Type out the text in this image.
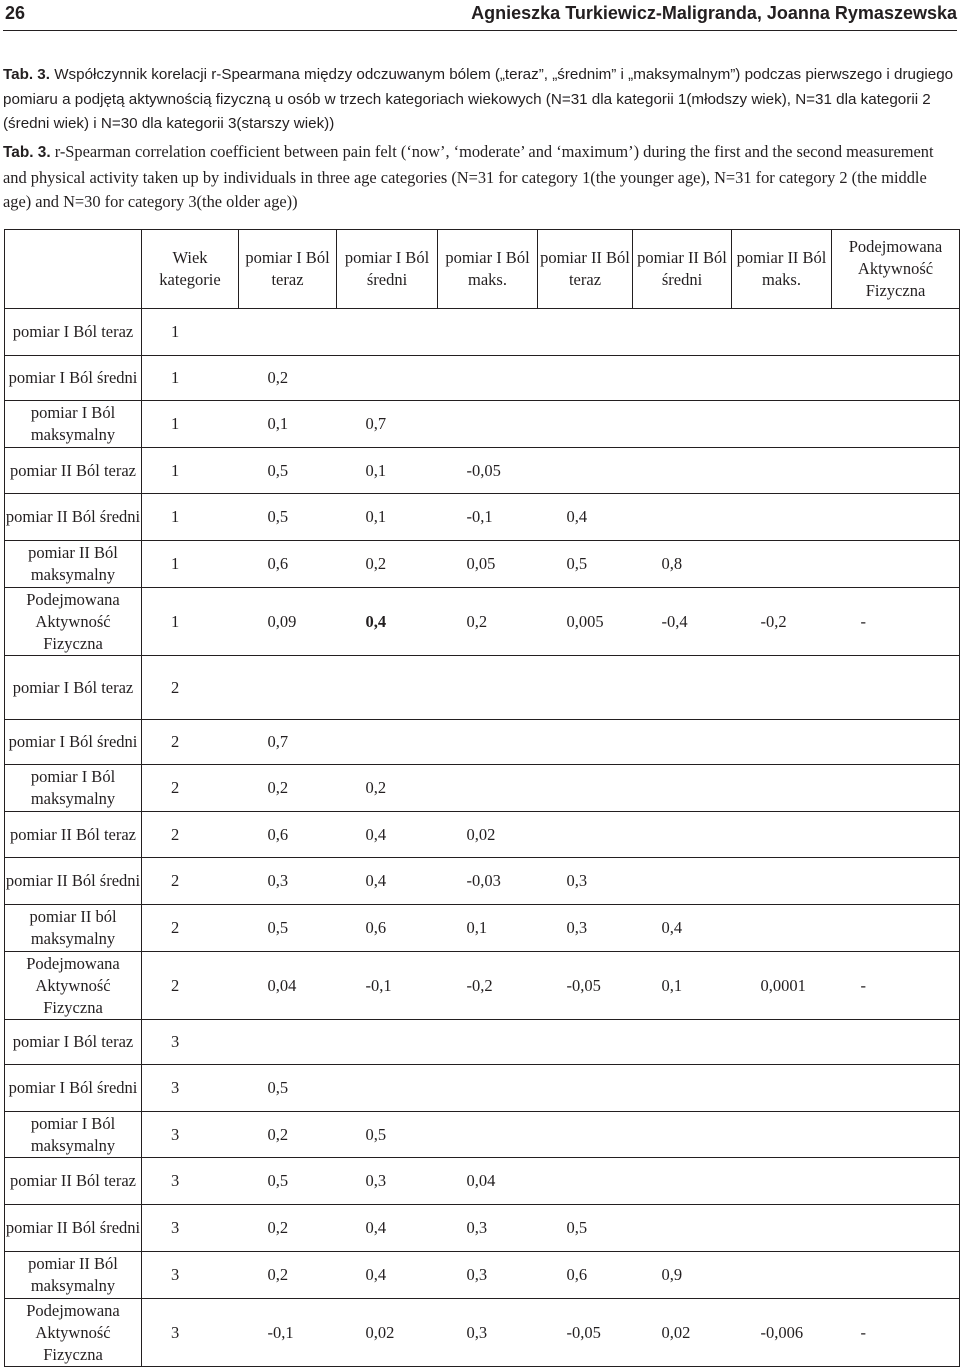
26	Agnieszka Turkiewicz-Maligranda, Joanna Rymaszewska

Tab. 3. Współczynnik korelacji r-Spearmana między odczuwanym bólem („teraz”, „średnim” i „maksymalnym”) podczas pierwszego i drugiego pomiaru a podjętą aktywnością fizyczną u osób w trzech kategoriach wiekowych (N=31 dla kategorii 1(młodszy wiek), N=31 dla kategorii 2 (średni wiek) i N=30 dla kategorii 3(starszy wiek))

Tab. 3. r-Spearman correlation coefficient between pain felt (‘now’, ‘moderate’ and ‘maximum’) during the first and the second measurement and physical activity taken up by individuals in three age categories (N=31 for category 1(the younger age), N=31 for category 2 (the middle age) and N=30 for category 3(the older age))

	Wiek kategorie	pomiar I Ból teraz	pomiar I Ból średni	pomiar I Ból maks.	pomiar II Ból teraz	pomiar II Ból średni	pomiar II Ból maks.	Podejmowana Aktywność Fizyczna
pomiar I Ból teraz	1							
pomiar I Ból średni	1	0,2						
pomiar I Ból maksymalny	1	0,1	0,7					
pomiar II Ból teraz	1	0,5	0,1	-0,05				
pomiar II Ból średni	1	0,5	0,1	-0,1	0,4			
pomiar II Ból maksymalny	1	0,6	0,2	0,05	0,5	0,8		
Podejmowana Aktywność Fizyczna	1	0,09	0,4	0,2	0,005	-0,4	-0,2	-
pomiar I Ból teraz	2							
pomiar I Ból średni	2	0,7						
pomiar I Ból maksymalny	2	0,2	0,2					
pomiar II Ból teraz	2	0,6	0,4	0,02				
pomiar II Ból średni	2	0,3	0,4	-0,03	0,3			
pomiar II ból maksymalny	2	0,5	0,6	0,1	0,3	0,4		
Podejmowana Aktywność Fizyczna	2	0,04	-0,1	-0,2	-0,05	0,1	0,0001	-
pomiar I Ból teraz	3							
pomiar I Ból średni	3	0,5						
pomiar I Ból maksymalny	3	0,2	0,5					
pomiar II Ból teraz	3	0,5	0,3	0,04				
pomiar II Ból średni	3	0,2	0,4	0,3	0,5			
pomiar II Ból maksymalny	3	0,2	0,4	0,3	0,6	0,9		
Podejmowana Aktywność Fizyczna	3	-0,1	0,02	0,3	-0,05	0,02	-0,006	-
